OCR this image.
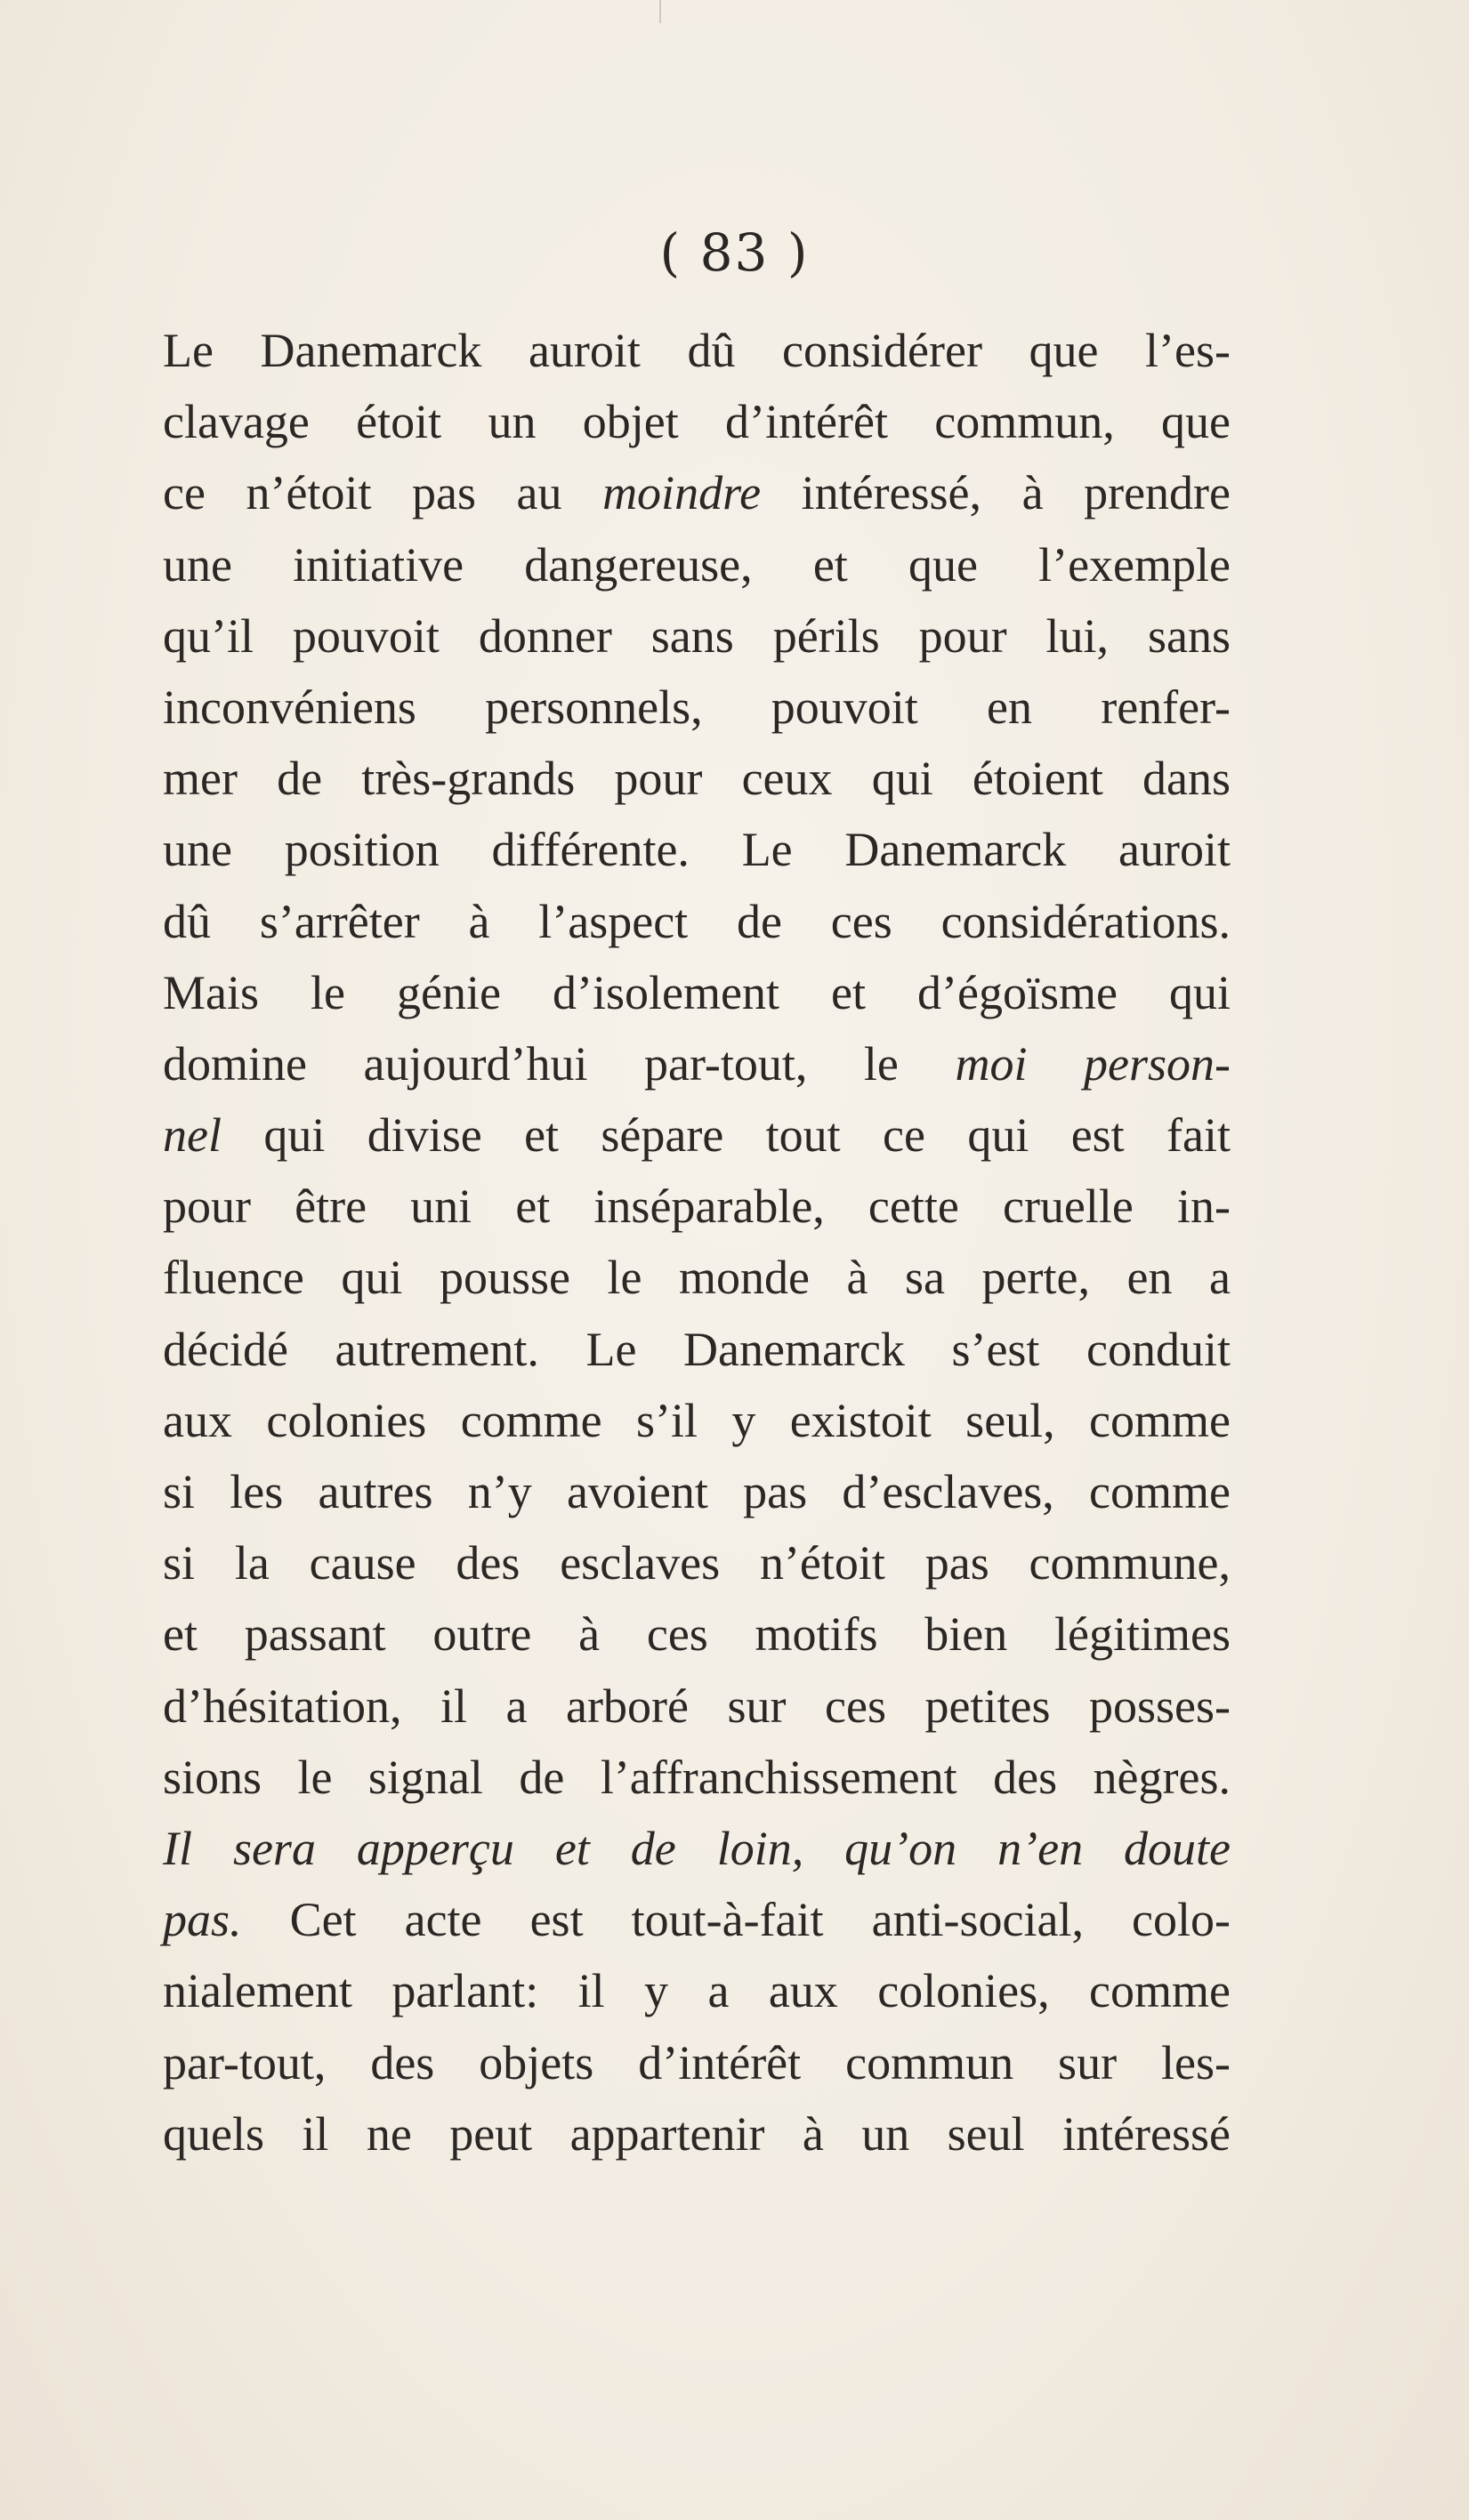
( 83 )
Le Danemarck auroit dû considérer que l’es-
clavage étoit un objet d’intérêt commun, que
ce n’étoit pas au moindre intéressé, à prendre
une initiative dangereuse, et que l’exemple
qu’il pouvoit donner sans périls pour lui, sans
inconvéniens personnels, pouvoit en renfer-
mer de très-grands pour ceux qui étoient dans
une position différente. Le Danemarck auroit
dû s’arrêter à l’aspect de ces considérations.
Mais le génie d’isolement et d’égoïsme qui
domine aujourd’hui par-tout, le moi person-
nel qui divise et sépare tout ce qui est fait
pour être uni et inséparable, cette cruelle in-
fluence qui pousse le monde à sa perte, en a
décidé autrement. Le Danemarck s’est conduit
aux colonies comme s’il y existoit seul, comme
si les autres n’y avoient pas d’esclaves, comme
si la cause des esclaves n’étoit pas commune,
et passant outre à ces motifs bien légitimes
d’hésitation, il a arboré sur ces petites posses-
sions le signal de l’affranchissement des nègres.
Il sera apperçu et de loin, qu’on n’en doute
pas. Cet acte est tout-à-fait anti-social, colo-
nialement parlant: il y a aux colonies, comme
par-tout, des objets d’intérêt commun sur les-
quels il ne peut appartenir à un seul intéressé
